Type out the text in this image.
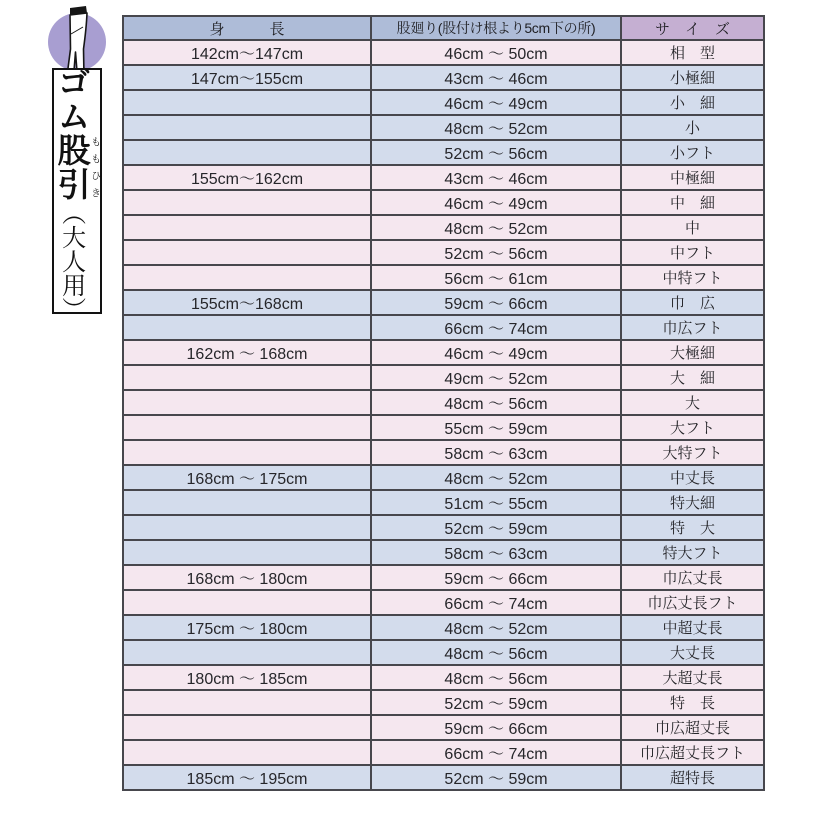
ゴム股引ももひき（大人用）
身　　　長	股廻り(股付け根より5cm下の所)	サ　イ　ズ
142cm～147cm	46cm ～ 50cm	相　型
147cm～155cm	43cm ～ 46cm	小極細
	46cm ～ 49cm	小　細
	48cm ～ 52cm	小
	52cm ～ 56cm	小フト
155cm～162cm	43cm ～ 46cm	中極細
	46cm ～ 49cm	中　細
	48cm ～ 52cm	中
	52cm ～ 56cm	中フト
	56cm ～ 61cm	中特フト
155cm～168cm	59cm ～ 66cm	巾　広
	66cm ～ 74cm	巾広フト
162cm ～ 168cm	46cm ～ 49cm	大極細
	49cm ～ 52cm	大　細
	48cm ～ 56cm	大
	55cm ～ 59cm	大フト
	58cm ～ 63cm	大特フト
168cm ～ 175cm	48cm ～ 52cm	中丈長
	51cm ～ 55cm	特大細
	52cm ～ 59cm	特　大
	58cm ～ 63cm	特大フト
168cm ～ 180cm	59cm ～ 66cm	巾広丈長
	66cm ～ 74cm	巾広丈長フト
175cm ～ 180cm	48cm ～ 52cm	中超丈長
	48cm ～ 56cm	大丈長
180cm ～ 185cm	48cm ～ 56cm	大超丈長
	52cm ～ 59cm	特　長
	59cm ～ 66cm	巾広超丈長
	66cm ～ 74cm	巾広超丈長フト
185cm ～ 195cm	52cm ～ 59cm	超特長
